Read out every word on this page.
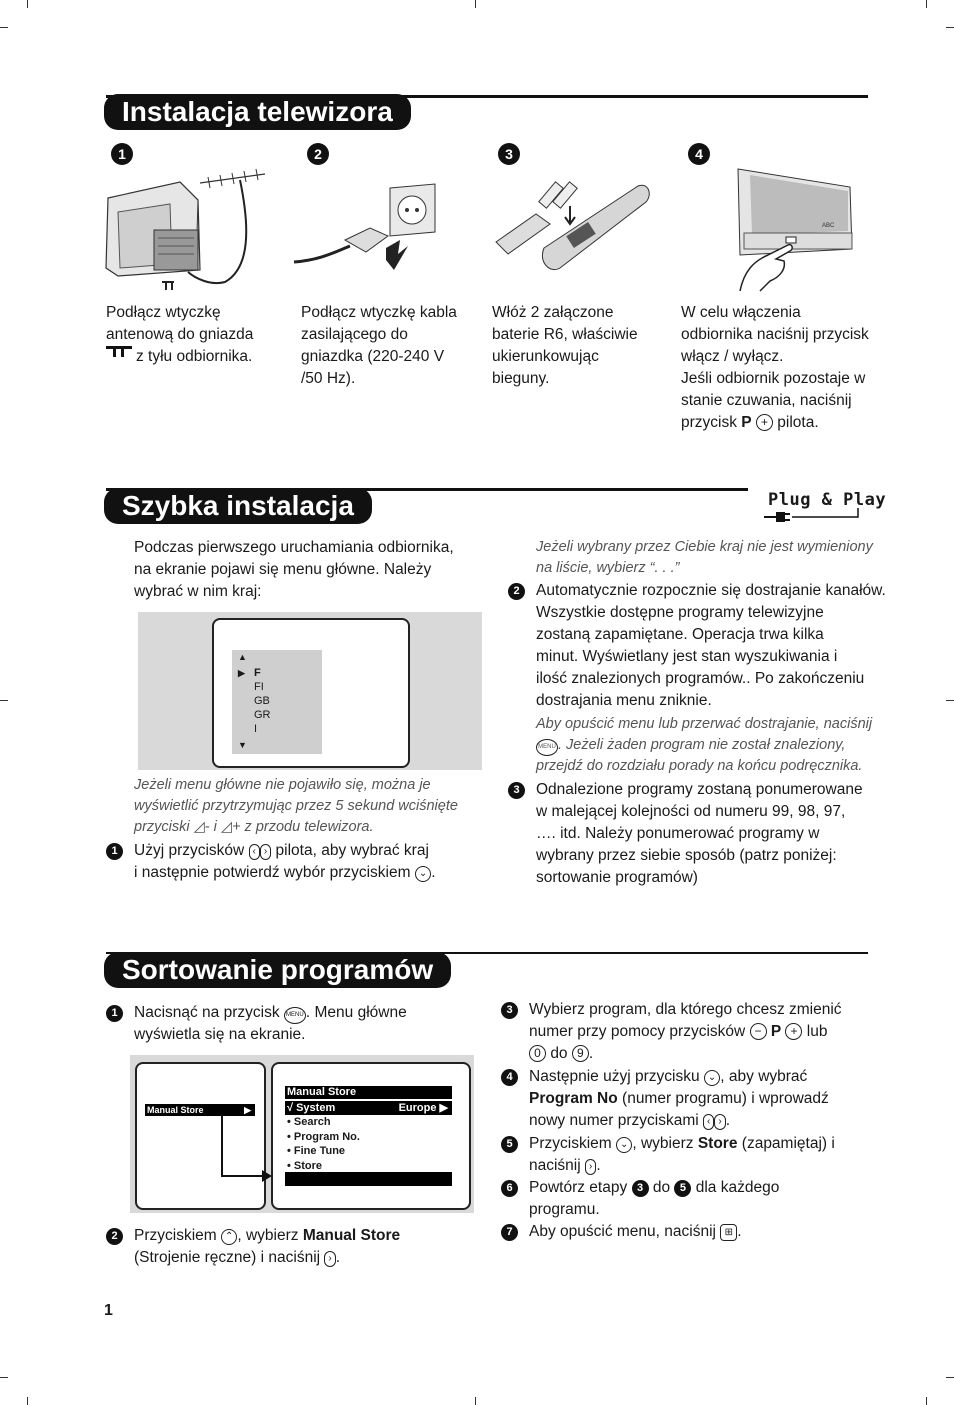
Instalacja telewizora
1	2	3	4
ABC
Podłącz wtyczkę
antenową do gniazda
z tyłu odbiornika.
Podłącz wtyczkę kabla
zasilającego do
gniazdka (220-240 V
/50 Hz).
Włóż 2 załączone
baterie R6, właściwie
ukierunkowując
bieguny.
W celu włączenia
odbiornika naciśnij przycisk
włącz / wyłącz.
Jeśli odbiornik pozostaje w
stanie czuwania, naciśnij
przycisk P + pilota.
Szybka instalacja	Plug & Play
Podczas pierwszego uruchamiania odbiornika,
na ekranie pojawi się menu główne. Należy
wybrać w nim kraj:
▲
▶ F
FI
GB
GR
I
▼
Jeżeli menu główne nie pojawiło się, można je
wyświetlić przytrzymując przez 5 sekund wciśnięte
przyciski ◿- i ◿+ z przodu telewizora.
1	Użyj przycisków ‹ › pilota, aby wybrać kraj
i następnie potwierdź wybór przyciskiem ⌄ .
Jeżeli wybrany przez Ciebie kraj nie jest wymieniony
na liście, wybierz “. . .”
2	Automatycznie rozpocznie się dostrajanie kanałów.
Wszystkie dostępne programy telewizyjne
zostaną zapamiętane. Operacja trwa kilka
minut. Wyświetlany jest stan wyszukiwania i
ilość znalezionych programów.. Po zakończeniu
dostrajania menu zniknie.
Aby opuścić menu lub przerwać dostrajanie, naciśnij
MENU . Jeżeli żaden program nie został znaleziony,
przejdź do rozdziału porady na końcu podręcznika.
3	Odnalezione programy zostaną ponumerowane
w malejącej kolejności od numeru 99, 98, 97,
…. itd. Należy ponumerować programy w
wybrany przez siebie sposób (patrz poniżej:
sortowanie programów)
Sortowanie programów
1	Nacisnąć na przycisk MENU . Menu główne
wyświetla się na ekranie.
Manual Store	▶
Manual Store
√ System	Europe ▶
• Search
• Program No.
• Fine Tune
• Store
2	Przyciskiem ⌃ , wybierz Manual Store
(Strojenie ręczne) i naciśnij › .
3	Wybierz program, dla którego chcesz zmienić
numer przy pomocy przycisków − P + lub
0 do 9 .
4	Następnie użyj przycisku ⌄ , aby wybrać
Program No (numer programu) i wprowadź
nowy numer przyciskami ‹ › .
5	Przyciskiem ⌄ , wybierz Store (zapamiętaj) i
naciśnij › .
6	Powtórz etapy 3 do 5 dla każdego
programu.
7	Aby opuścić menu, naciśnij ⊞ .
1
